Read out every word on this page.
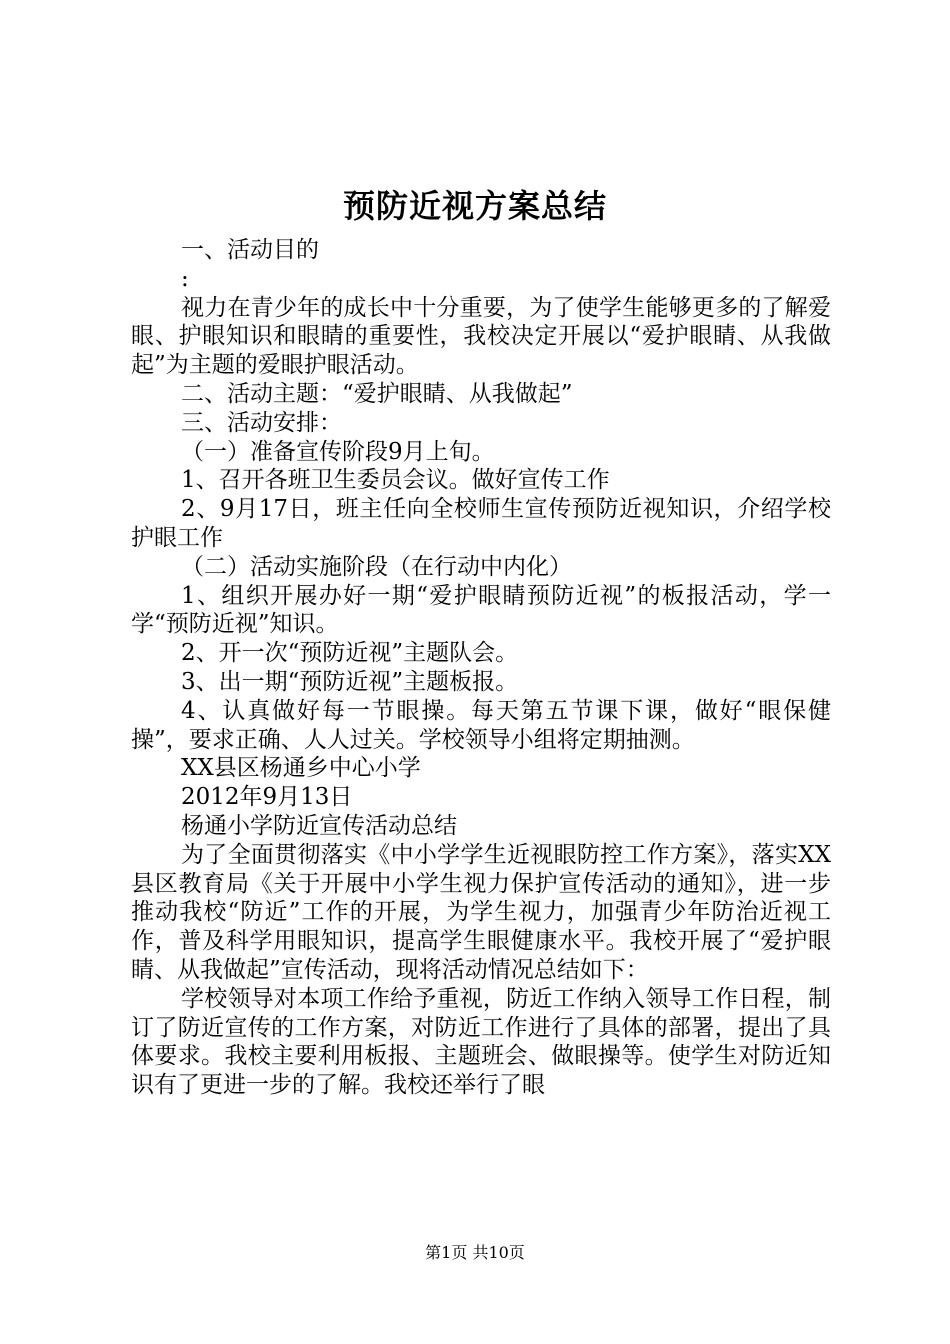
预防近视方案总结

一、活动目的

:

视力在青少年的成长中十分重要，为了使学生能够更多的了解爱眼、护眼知识和眼睛的重要性，我校决定开展以“爱护眼睛、从我做起”为主题的爱眼护眼活动。

二、活动主题：“爱护眼睛、从我做起”

三、活动安排：

（一）准备宣传阶段9月上旬。

1、召开各班卫生委员会议。做好宣传工作

2、9月17日，班主任向全校师生宣传预防近视知识，介绍学校护眼工作

（二）活动实施阶段（在行动中内化）

1、组织开展办好一期“爱护眼睛预防近视”的板报活动，学一学“预防近视”知识。

2、开一次“预防近视”主题队会。

3、出一期“预防近视”主题板报。

4、认真做好每一节眼操。每天第五节课下课，做好“眼保健操”，要求正确、人人过关。学校领导小组将定期抽测。

XX县区杨通乡中心小学

2012年9月13日

杨通小学防近宣传活动总结

为了全面贯彻落实《中小学学生近视眼防控工作方案》，落实XX县区教育局《关于开展中小学生视力保护宣传活动的通知》，进一步推动我校“防近”工作的开展，为学生视力，加强青少年防治近视工作，普及科学用眼知识，提高学生眼健康水平。我校开展了“爱护眼睛、从我做起”宣传活动，现将活动情况总结如下：

学校领导对本项工作给予重视，防近工作纳入领导工作日程，制订了防近宣传的工作方案，对防近工作进行了具体的部署，提出了具体要求。我校主要利用板报、主题班会、做眼操等。使学生对防近知识有了更进一步的了解。我校还举行了眼

第1页 共10页
